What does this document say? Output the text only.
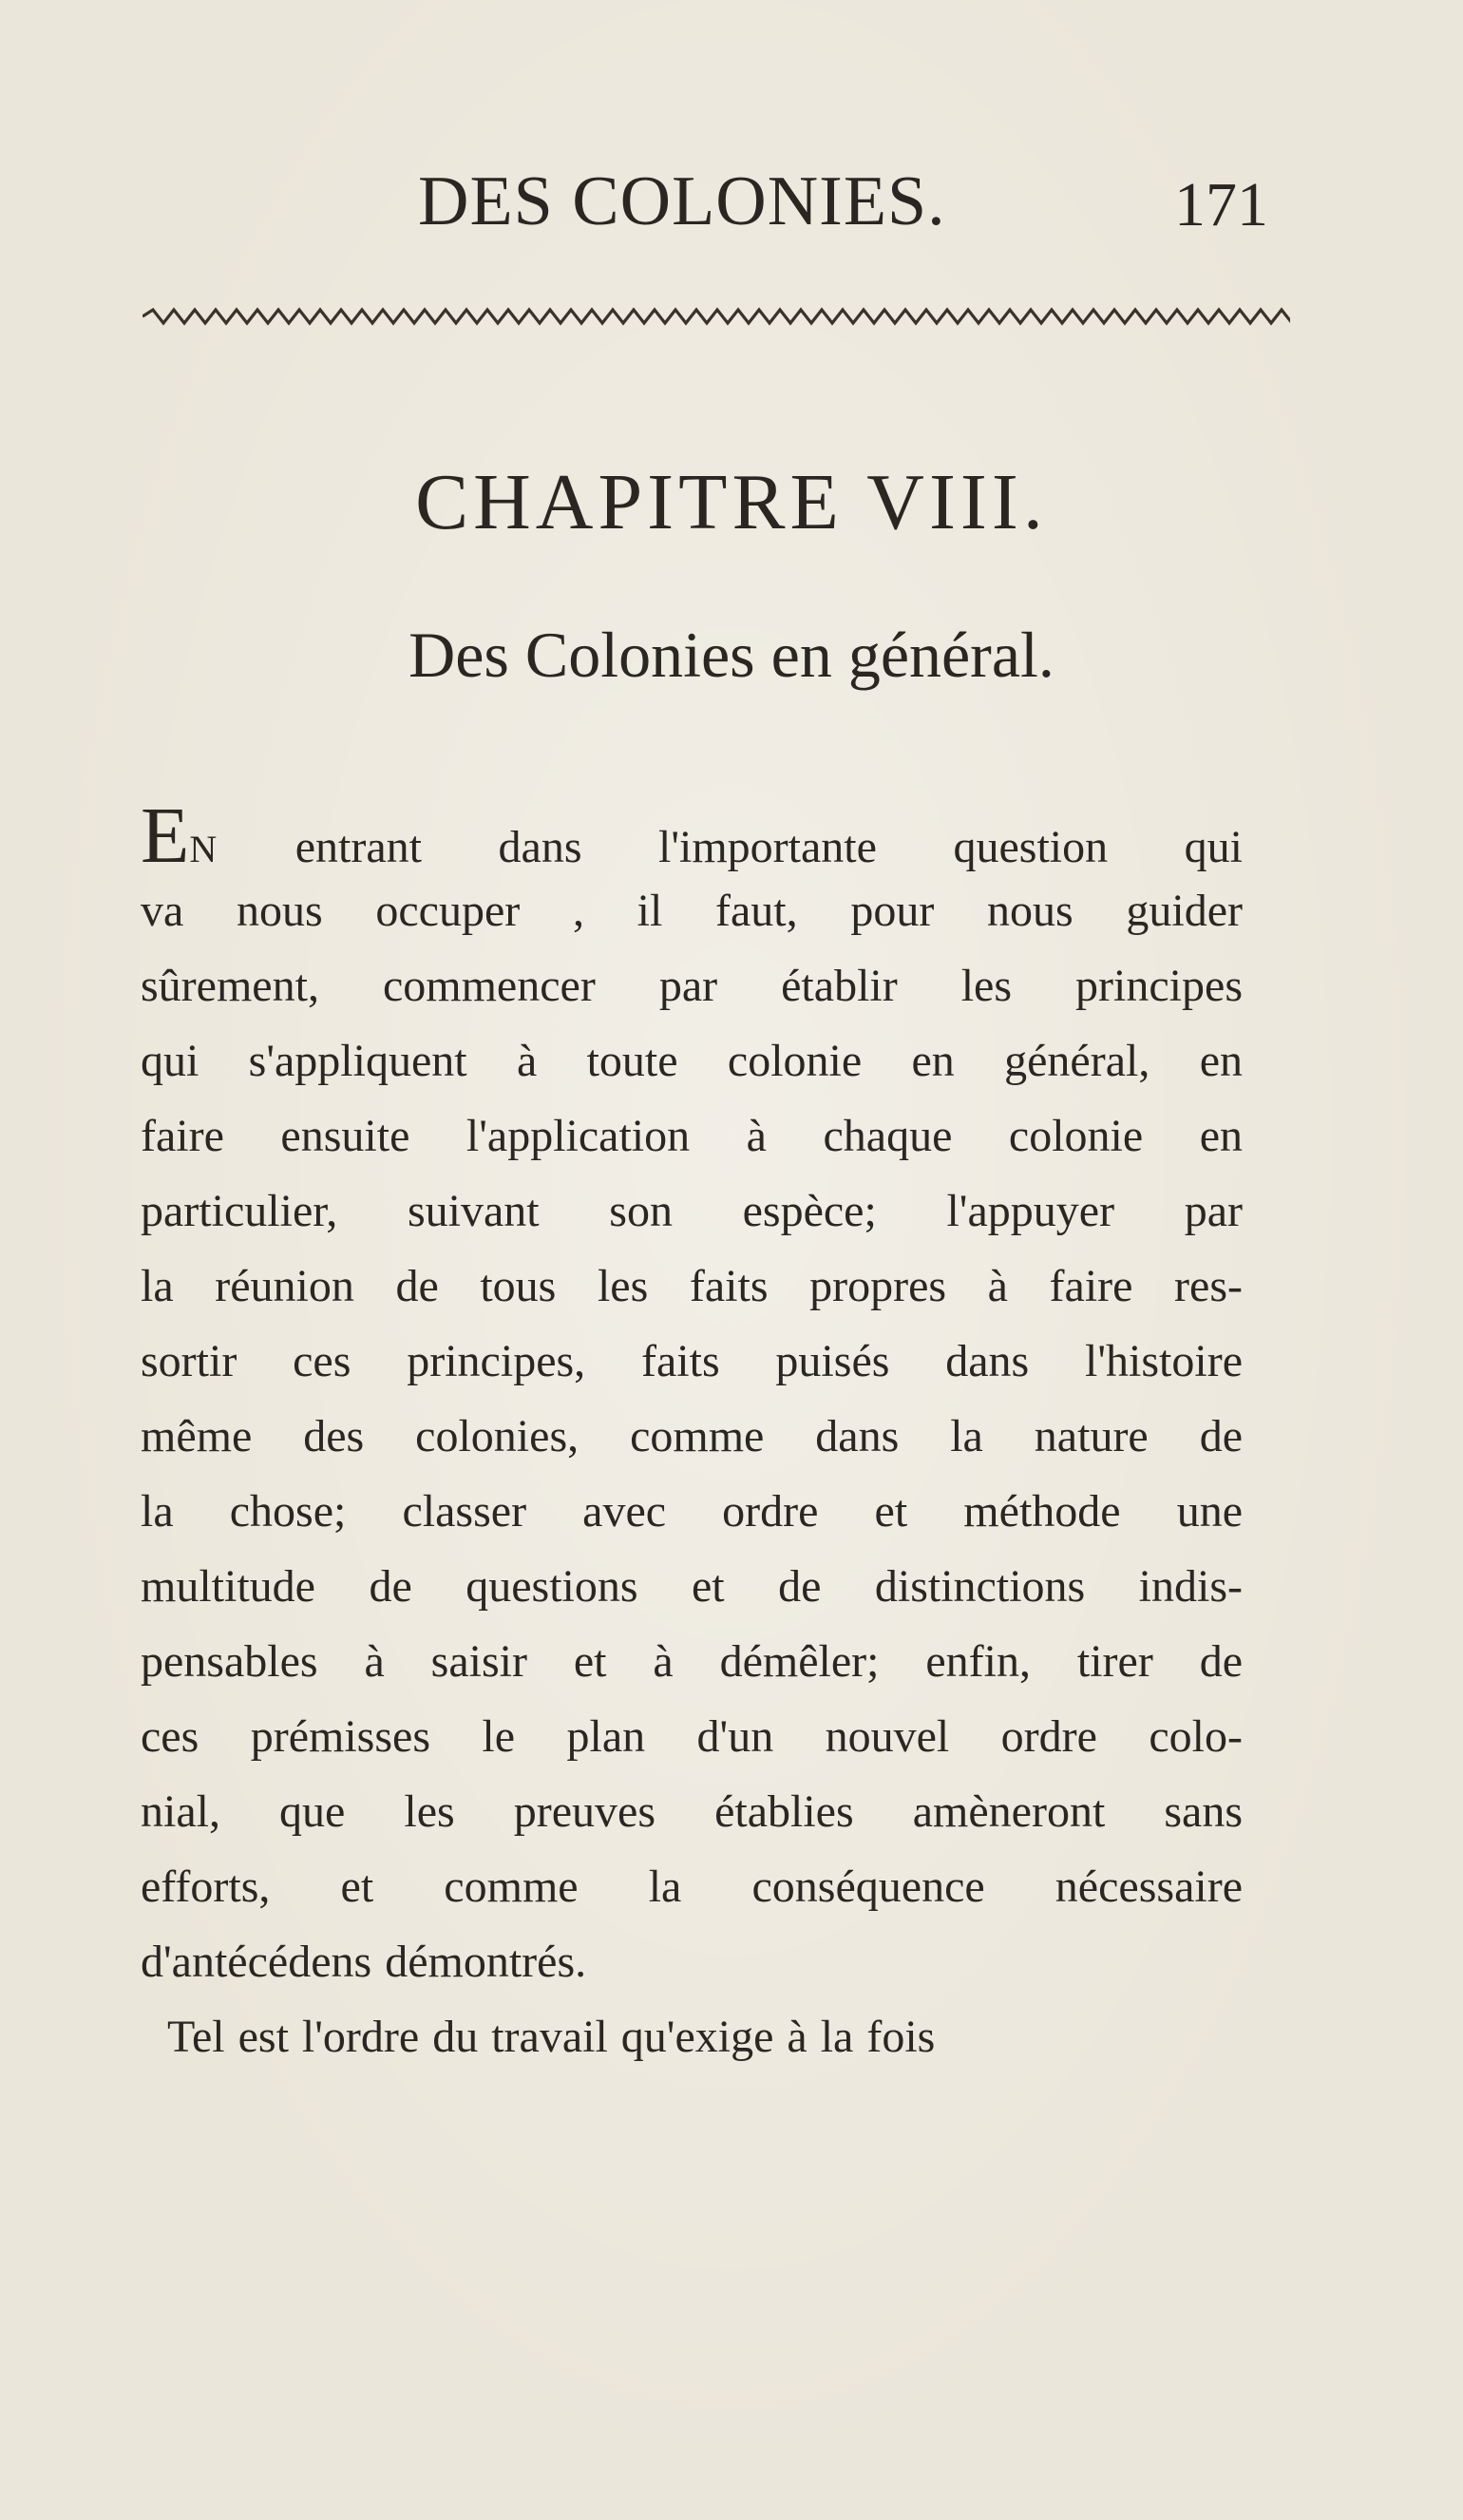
DES COLONIES.	171
CHAPITRE VIII.
Des Colonies en général.
EN entrant dans l'importante question qui
va nous occuper , il faut, pour nous guider
sûrement, commencer par établir les principes
qui s'appliquent à toute colonie en général, en
faire ensuite l'application à chaque colonie en
particulier, suivant son espèce; l'appuyer par
la réunion de tous les faits propres à faire res-
sortir ces principes, faits puisés dans l'histoire
même des colonies, comme dans la nature de
la chose; classer avec ordre et méthode une
multitude de questions et de distinctions indis-
pensables à saisir et à démêler; enfin, tirer de
ces prémisses le plan d'un nouvel ordre colo-
nial, que les preuves établies amèneront sans
efforts, et comme la conséquence nécessaire
d'antécédens démontrés.
Tel est l'ordre du travail qu'exige à la fois
